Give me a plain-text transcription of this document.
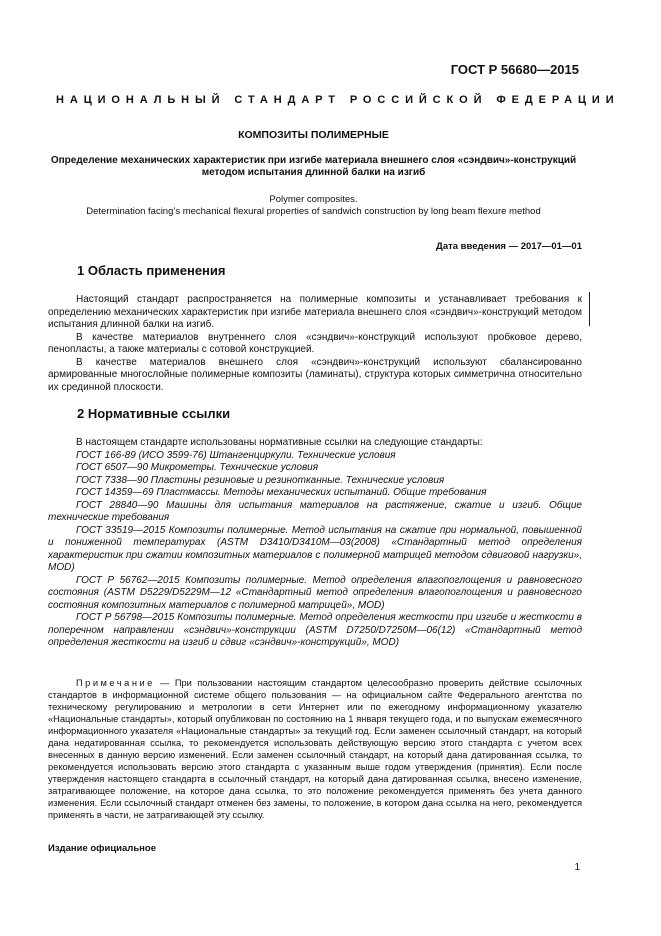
ГОСТ Р 56680—2015
НАЦИОНАЛЬНЫЙ СТАНДАРТ РОССИЙСКОЙ ФЕДЕРАЦИИ
КОМПОЗИТЫ ПОЛИМЕРНЫЕ
Определение механических характеристик при изгибе материала внешнего слоя «сэндвич»-конструкций методом испытания длинной балки на изгиб
Polymer composites.
Determination facing’s mechanical flexural properties of sandwich construction by long beam flexure method
Дата введения — 2017—01—01
1 Область применения

Настоящий стандарт распространяется на полимерные композиты и устанавливает требования к определению механических характеристик при изгибе материала внешнего слоя «сэндвич»-конструкций методом испытания длинной балки на изгиб.

В качестве материалов внутреннего слоя «сэндвич»-конструкций используют пробковое дерево, пенопласты, а также материалы с сотовой конструкцией.

В качестве материалов внешнего слоя «сэндвич»-конструкций используют сбалансированно армированные многослойные полимерные композиты (ламинаты), структура которых симметрична относительно их срединной плоскости.

2 Нормативные ссылки

В настоящем стандарте использованы нормативные ссылки на следующие стандарты:

ГОСТ 166-89 (ИСО 3599-76) Штангенциркули. Технические условия

ГОСТ 6507—90 Микрометры. Технические условия

ГОСТ 7338—90 Пластины резиновые и резинотканные. Технические условия

ГОСТ 14359—69 Пластмассы. Методы механических испытаний. Общие требования

ГОСТ 28840—90 Машины для испытания материалов на растяжение, сжатие и изгиб. Общие технические требования

ГОСТ 33519—2015 Композиты полимерные. Метод испытания на сжатие при нормальной, повышенной и пониженной температурах (ASTM D3410/D3410M—03(2008) «Стандартный метод определения характеристик при сжатии композитных материалов с полимерной матрицей методом сдвиговой нагрузки», MOD)

ГОСТ Р 56762—2015 Композиты полимерные. Метод определения влагопоглощения и равновесного состояния (ASTM D5229/D5229M—12 «Стандартный метод определения влагопоглощения и равновесного состояния композитных материалов с полимерной матрицей», MOD)

ГОСТ Р 56798—2015 Композиты полимерные. Метод определения жесткости при изгибе и жесткости в поперечном направлении «сэндвич»-конструкции (ASTM D7250/D7250M—06(12) «Стандартный метод определения жесткости на изгиб и сдвиг «сэндвич»-конструкций», MOD)

Примечание — При пользовании настоящим стандартом целесообразно проверить действие ссылочных стандартов в информационной системе общего пользования — на официальном сайте Федерального агентства по техническому регулированию и метрологии в сети Интернет или по ежегодному информационному указателю «Национальные стандарты», который опубликован по состоянию на 1 января текущего года, и по выпускам ежемесячного информационного указателя «Национальные стандарты» за текущий год. Если заменен ссылочный стандарт, на который дана недатированная ссылка, то рекомендуется использовать действующую версию этого стандарта с учетом всех внесенных в данную версию изменений. Если заменен ссылочный стандарт, на который дана датированная ссылка, то рекомендуется использовать версию этого стандарта с указанным выше годом утверждения (принятия). Если после утверждения настоящего стандарта в ссылочный стандарт, на который дана датированная ссылка, внесено изменение, затрагивающее положение, на которое дана ссылка, то это положение рекомендуется применять без учета данного изменения. Если ссылочный стандарт отменен без замены, то положение, в котором дана ссылка на него, рекомендуется применять в части, не затрагивающей эту ссылку.

Издание официальное
1
